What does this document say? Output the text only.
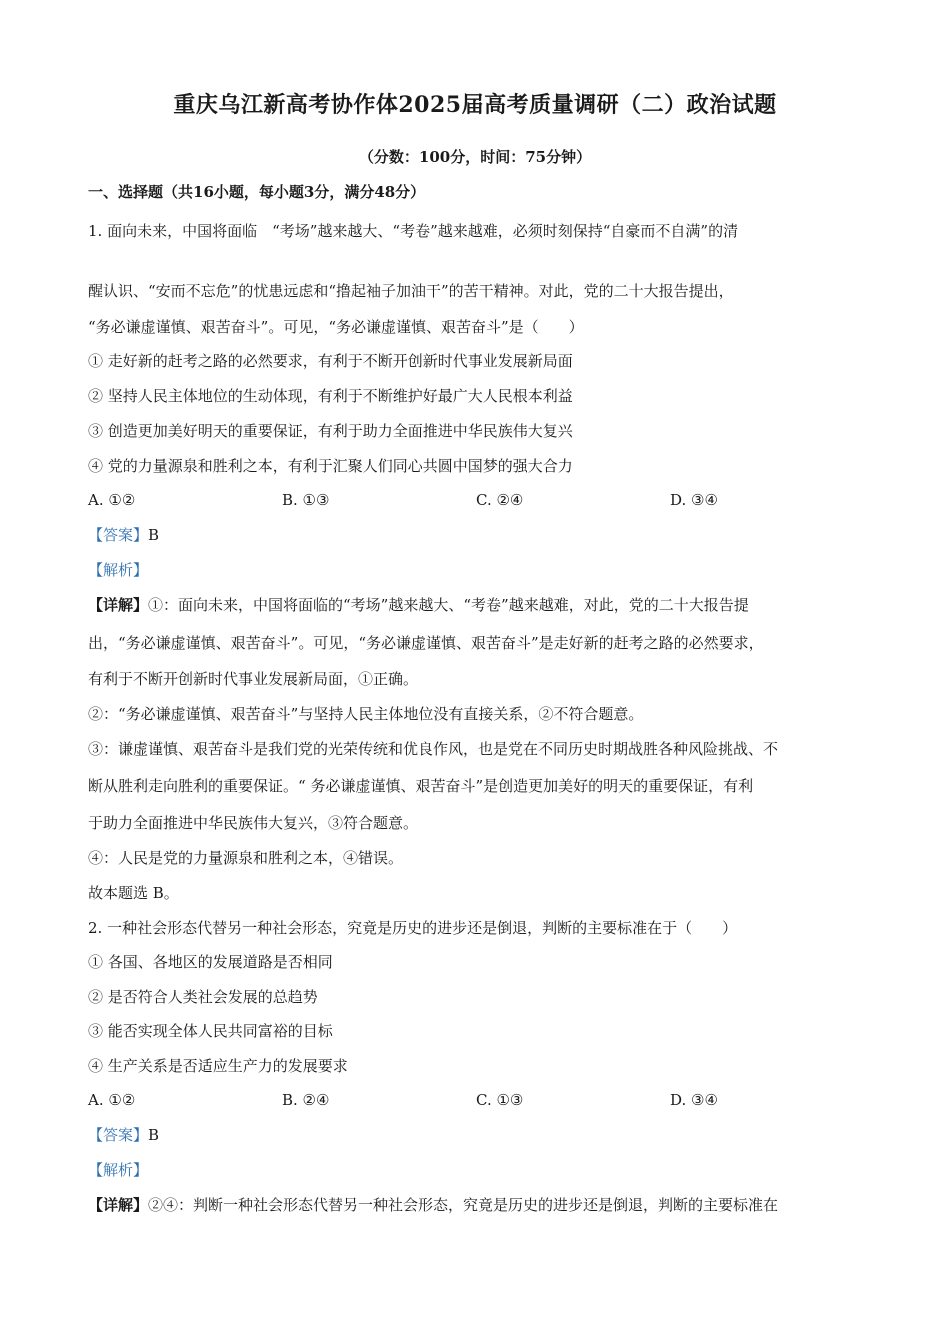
重庆乌江新高考协作体2025届高考质量调研（二）政治试题
（分数：100分，时间：75分钟）
一、选择题（共16小题，每小题3分，满分48分）
1. 面向未来，中国将面临　“考场”越来越大、“考卷”越来越难，必须时刻保持“自豪而不自满”的清
醒认识、“安而不忘危”的忧患远虑和“撸起袖子加油干”的苦干精神。对此，党的二十大报告提出，
“务必谦虚谨慎、艰苦奋斗”。可见，“务必谦虚谨慎、艰苦奋斗”是（　　）
① 走好新的赶考之路的必然要求，有利于不断开创新时代事业发展新局面
② 坚持人民主体地位的生动体现，有利于不断维护好最广大人民根本利益
③ 创造更加美好明天的重要保证，有利于助力全面推进中华民族伟大复兴
④ 党的力量源泉和胜利之本，有利于汇聚人们同心共圆中国梦的强大合力
A. ①②	B. ①③	C. ②④	D. ③④
【答案】B
【解析】
【详解】①：面向未来，中国将面临的“考场”越来越大、“考卷”越来越难，对此，党的二十大报告提
出，“务必谦虚谨慎、艰苦奋斗”。可见，“务必谦虚谨慎、艰苦奋斗”是走好新的赶考之路的必然要求，
有利于不断开创新时代事业发展新局面，①正确。
②：“务必谦虚谨慎、艰苦奋斗”与坚持人民主体地位没有直接关系，②不符合题意。
③：谦虚谨慎、艰苦奋斗是我们党的光荣传统和优良作风，也是党在不同历史时期战胜各种风险挑战、不
断从胜利走向胜利的重要保证。“ 务必谦虚谨慎、艰苦奋斗”是创造更加美好的明天的重要保证，有利
于助力全面推进中华民族伟大复兴，③符合题意。
④：人民是党的力量源泉和胜利之本，④错误。
故本题选 B。
2. 一种社会形态代替另一种社会形态，究竟是历史的进步还是倒退，判断的主要标准在于（　　）
① 各国、各地区的发展道路是否相同
② 是否符合人类社会发展的总趋势
③ 能否实现全体人民共同富裕的目标
④ 生产关系是否适应生产力的发展要求
A. ①②	B. ②④	C. ①③	D. ③④
【答案】B
【解析】
【详解】②④：判断一种社会形态代替另一种社会形态，究竟是历史的进步还是倒退，判断的主要标准在
